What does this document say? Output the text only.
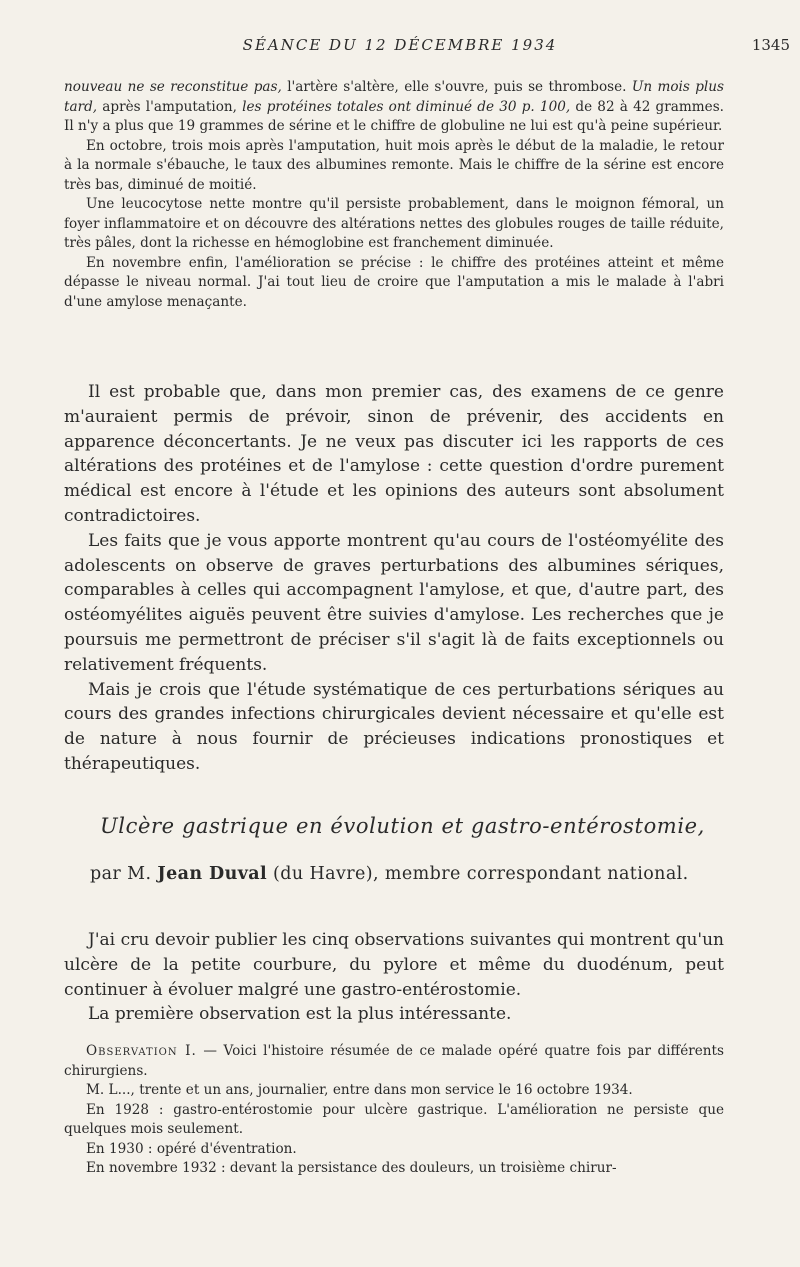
SÉANCE DU 12 DÉCEMBRE 1934	1345

nouveau ne se reconstitue pas, l'artère s'altère, elle s'ouvre, puis se thrombose. Un mois plus tard, après l'amputation, les protéines totales ont diminué de 30 p. 100, de 82 à 42 grammes. Il n'y a plus que 19 grammes de sérine et le chiffre de globuline ne lui est qu'à peine supérieur.

En octobre, trois mois après l'amputation, huit mois après le début de la maladie, le retour à la normale s'ébauche, le taux des albumines remonte. Mais le chiffre de la sérine est encore très bas, diminué de moitié.

Une leucocytose nette montre qu'il persiste probablement, dans le moignon fémoral, un foyer inflammatoire et on découvre des altérations nettes des globules rouges de taille réduite, très pâles, dont la richesse en hémoglobine est franchement diminuée.

En novembre enfin, l'amélioration se précise : le chiffre des protéines atteint et même dépasse le niveau normal. J'ai tout lieu de croire que l'amputation a mis le malade à l'abri d'une amylose menaçante.

Il est probable que, dans mon premier cas, des examens de ce genre m'auraient permis de prévoir, sinon de prévenir, des accidents en apparence déconcertants. Je ne veux pas discuter ici les rapports de ces altérations des protéines et de l'amylose : cette question d'ordre purement médical est encore à l'étude et les opinions des auteurs sont absolument contradictoires.

Les faits que je vous apporte montrent qu'au cours de l'ostéomyélite des adolescents on observe de graves perturbations des albumines sériques, comparables à celles qui accompagnent l'amylose, et que, d'autre part, des ostéomyélites aiguës peuvent être suivies d'amylose. Les recherches que je poursuis me permettront de préciser s'il s'agit là de faits exceptionnels ou relativement fréquents.

Mais je crois que l'étude systématique de ces perturbations sériques au cours des grandes infections chirurgicales devient nécessaire et qu'elle est de nature à nous fournir de précieuses indications pronostiques et thérapeutiques.

Ulcère gastrique en évolution et gastro-entérostomie,
par M. Jean Duval (du Havre), membre correspondant national.

J'ai cru devoir publier les cinq observations suivantes qui montrent qu'un ulcère de la petite courbure, du pylore et même du duodénum, peut continuer à évoluer malgré une gastro-entérostomie.

La première observation est la plus intéressante.

Observation I. — Voici l'histoire résumée de ce malade opéré quatre fois par différents chirurgiens.

M. L..., trente et un ans, journalier, entre dans mon service le 16 octobre 1934.

En 1928 : gastro-entérostomie pour ulcère gastrique. L'amélioration ne persiste que quelques mois seulement.

En 1930 : opéré d'éventration.

En novembre 1932 : devant la persistance des douleurs, un troisième chirur-
